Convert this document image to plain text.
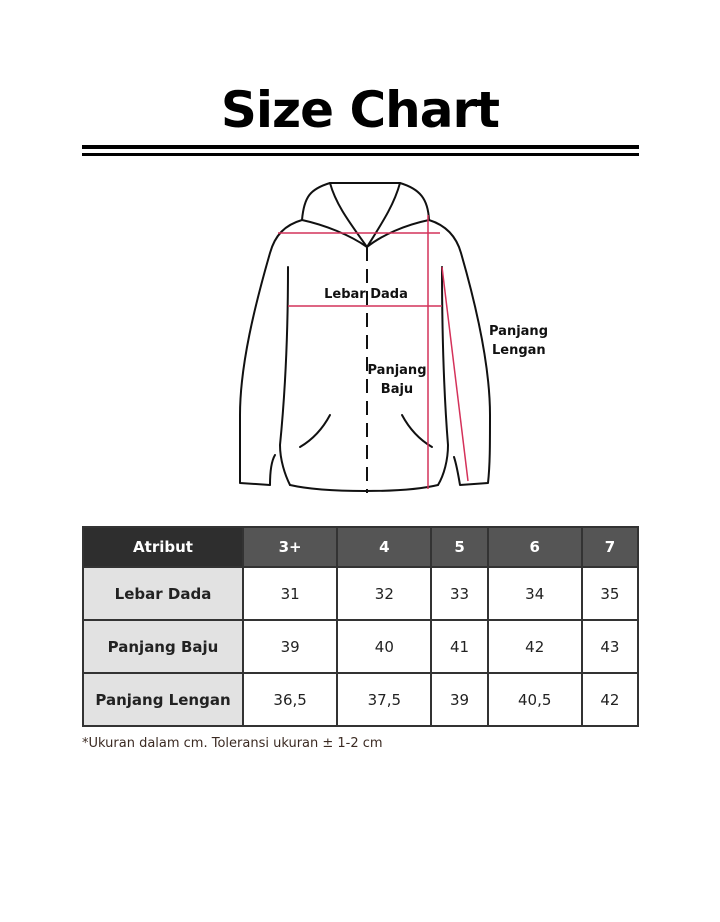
Size Chart
Lebar Dada
Panjang
Baju
Panjang
Lengan
Atribut	3+	4	5	6	7
Lebar Dada	31	32	33	34	35
Panjang Baju	39	40	41	42	43
Panjang Lengan	36,5	37,5	39	40,5	42
*Ukuran dalam cm. Toleransi ukuran ± 1-2 cm
